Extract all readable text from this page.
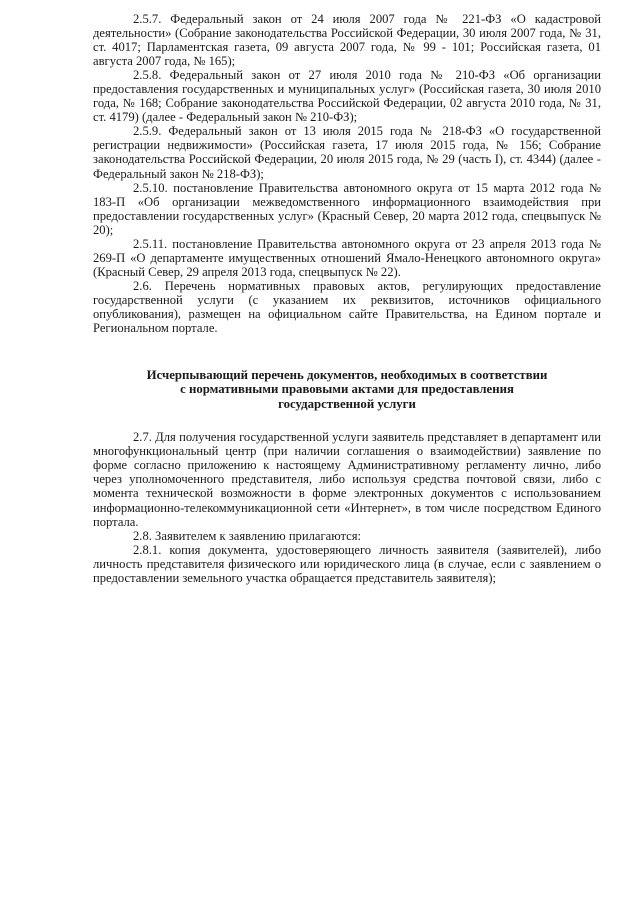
2.5.7. Федеральный закон от 24 июля 2007 года № 221-ФЗ «О кадастровой деятельности» (Собрание законодательства Российской Федерации, 30 июля 2007 года, № 31, ст. 4017; Парламентская газета, 09 августа 2007 года, № 99 - 101; Российская газета, 01 августа 2007 года, № 165);

2.5.8. Федеральный закон от 27 июля 2010 года № 210-ФЗ «Об организации предоставления государственных и муниципальных услуг» (Российская газета, 30 июля 2010 года, № 168; Собрание законодательства Российской Федерации, 02 августа 2010 года, № 31, ст. 4179) (далее - Федеральный закон № 210-ФЗ);

2.5.9. Федеральный закон от 13 июля 2015 года № 218-ФЗ «О государственной регистрации недвижимости» (Российская газета, 17 июля 2015 года, № 156; Собрание законодательства Российской Федерации, 20 июля 2015 года, № 29 (часть I), ст. 4344) (далее - Федеральный закон № 218-ФЗ);

2.5.10. постановление Правительства автономного округа от 15 марта 2012 года № 183-П «Об организации межведомственного информационного взаимодействия при предоставлении государственных услуг» (Красный Север, 20 марта 2012 года, спецвыпуск № 20);

2.5.11. постановление Правительства автономного округа от 23 апреля 2013 года № 269-П «О департаменте имущественных отношений Ямало-Ненецкого автономного округа» (Красный Север, 29 апреля 2013 года, спецвыпуск № 22).

2.6. Перечень нормативных правовых актов, регулирующих предоставление государственной услуги (с указанием их реквизитов, источников официального опубликования), размещен на официальном сайте Правительства, на Едином портале и Региональном портале.

Исчерпывающий перечень документов, необходимых в соответствии
с нормативными правовыми актами для предоставления
государственной услуги

2.7. Для получения государственной услуги заявитель представляет в департамент или многофункциональный центр (при наличии соглашения о взаимодействии) заявление по форме согласно приложению к настоящему Административному регламенту лично, либо через уполномоченного представителя, либо используя средства почтовой связи, либо с момента технической возможности в форме электронных документов с использованием информационно-телекоммуникационной сети «Интернет», в том числе посредством Единого портала.

2.8. Заявителем к заявлению прилагаются:

2.8.1. копия документа, удостоверяющего личность заявителя (заявителей), либо личность представителя физического или юридического лица (в случае, если с заявлением о предоставлении земельного участка обращается представитель заявителя);
